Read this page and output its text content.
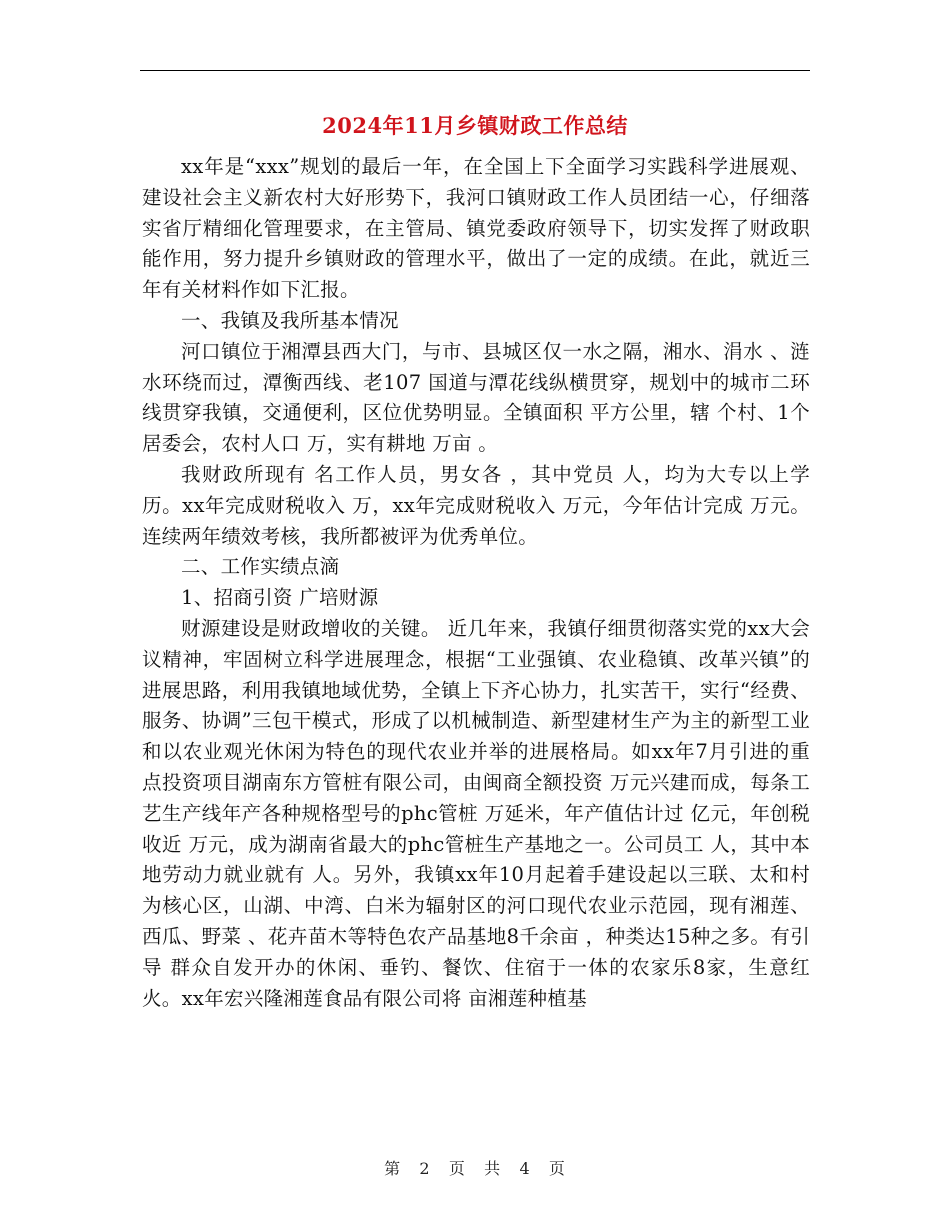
2024年11月乡镇财政工作总结

xx年是“xxx”规划的最后一年，在全国上下全面学习实践科学进展观、建设社会主义新农村大好形势下，我河口镇财政工作人员团结一心，仔细落实省厅精细化管理要求，在主管局、镇党委政府领导下，切实发挥了财政职能作用，努力提升乡镇财政的管理水平，做出了一定的成绩。在此，就近三年有关材料作如下汇报。

一、我镇及我所基本情况

河口镇位于湘潭县西大门，与市、县城区仅一水之隔，湘水、涓水 、涟水环绕而过，潭衡西线、老107 国道与潭花线纵横贯穿，规划中的城市二环线贯穿我镇，交通便利，区位优势明显。全镇面积 平方公里，辖 个村、1个居委会，农村人口 万，实有耕地 万亩 。

我财政所现有 名工作人员，男女各 ，其中党员 人，均为大专以上学历。xx年完成财税收入 万，xx年完成财税收入 万元，今年估计完成 万元。连续两年绩效考核，我所都被评为优秀单位。

二、工作实绩点滴

1、招商引资 广培财源

财源建设是财政增收的关键。 近几年来，我镇仔细贯彻落实党的xx大会议精神，牢固树立科学进展理念，根据“工业强镇、农业稳镇、改革兴镇”的进展思路，利用我镇地域优势，全镇上下齐心协力，扎实苦干，实行“经费、服务、协调”三包干模式，形成了以机械制造、新型建材生产为主的新型工业和以农业观光休闲为特色的现代农业并举的进展格局。如xx年7月引进的重点投资项目湖南东方管桩有限公司，由闽商全额投资 万元兴建而成，每条工艺生产线年产各种规格型号的phc管桩 万延米，年产值估计过 亿元，年创税收近 万元，成为湖南省最大的phc管桩生产基地之一。公司员工 人，其中本地劳动力就业就有 人。另外，我镇xx年10月起着手建设起以三联、太和村为核心区，山湖、中湾、白米为辐射区的河口现代农业示范园，现有湘莲、西瓜、野菜 、花卉苗木等特色农产品基地8千余亩 ，种类达15种之多。有引导 群众自发开办的休闲、垂钓、餐饮、住宿于一体的农家乐8家，生意红火。xx年宏兴隆湘莲食品有限公司将 亩湘莲种植基

第 2 页 共 4 页
